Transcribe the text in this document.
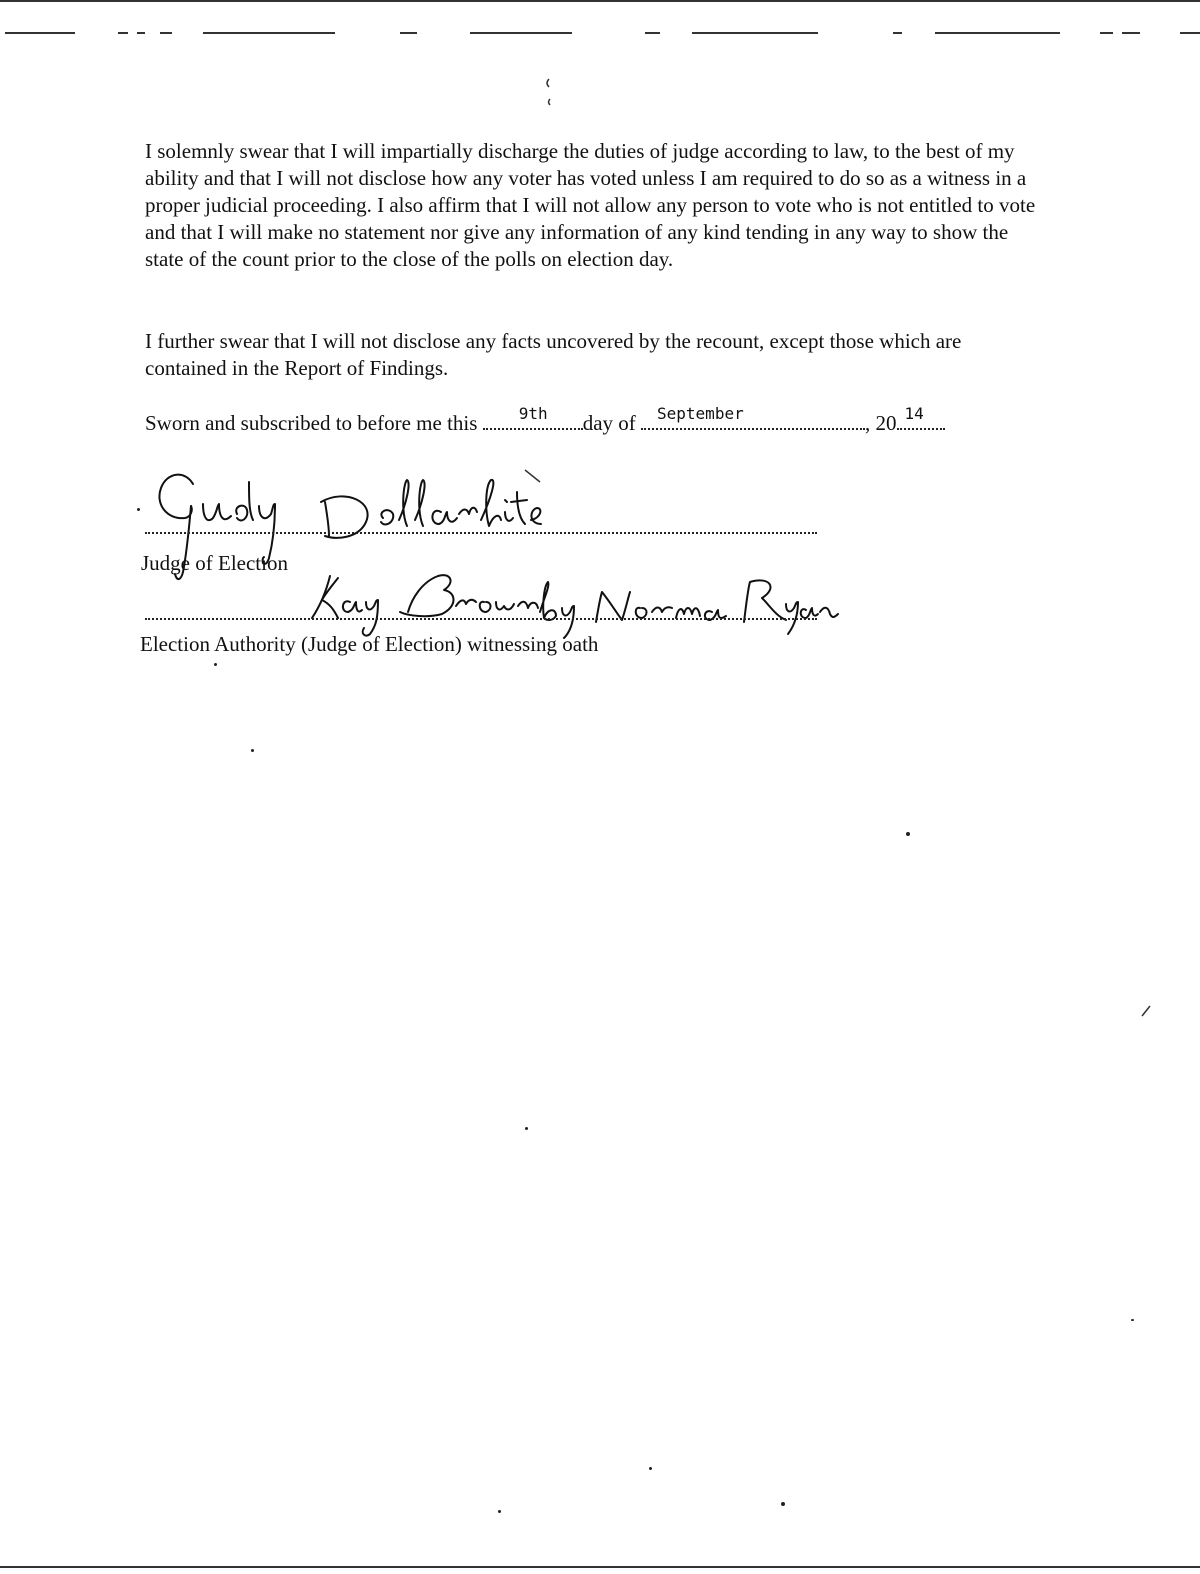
I solemnly swear that I will impartially discharge the duties of judge according to law, to the best of my ability and that I will not disclose how any voter has voted unless I am required to do so as a witness in a proper judicial proceeding. I also affirm that I will not allow any person to vote who is not entitled to vote and that I will make no statement nor give any information of any kind tending in any way to show the state of the count prior to the close of the polls on election day.

I further swear that I will not disclose any facts uncovered by the recount, except those which are contained in the Report of Findings.

Sworn and subscribed to before me this	9th day of September	, 20 14
Judge of Election
Election Authority (Judge of Election) witnessing oath
